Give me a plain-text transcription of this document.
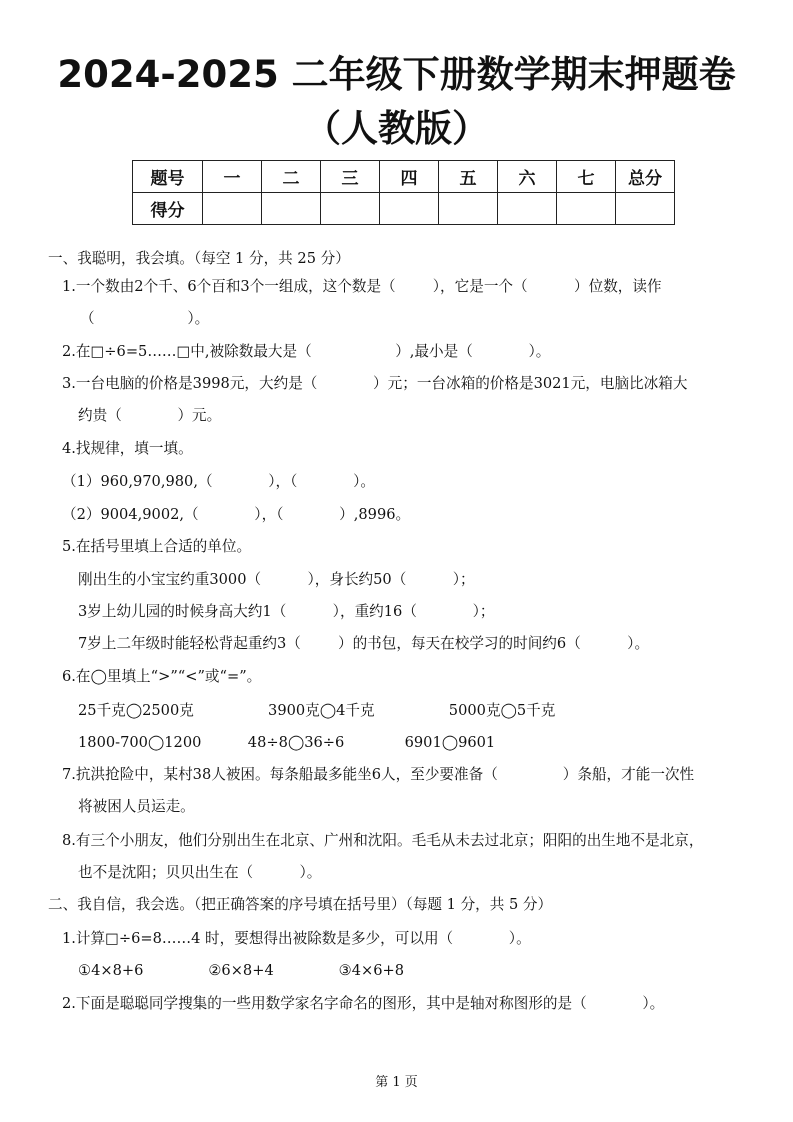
2024-2025 二年级下册数学期末押题卷
（人教版）
题号	一	二	三	四	五	六	七	总分
得分								
一、我聪明，我会填。（每空 1 分，共 25 分）
1.一个数由2个千、6个百和3个一组成，这个数是（        ），它是一个（          ）位数，读作
（                    ）。
2.在□÷6=5……□中,被除数最大是（                  ）,最小是（            ）。
3.一台电脑的价格是3998元，大约是（            ）元；一台冰箱的价格是3021元，电脑比冰箱大
约贵（            ）元。
4.找规律，填一填。
（1）960,970,980,（            ），（            ）。
（2）9004,9002,（            ），（            ）,8996。
5.在括号里填上合适的单位。
刚出生的小宝宝约重3000（          ），身长约50（          ）；
3岁上幼儿园的时候身高大约1（          ），重约16（            ）；
7岁上二年级时能轻松背起重约3（        ）的书包，每天在校学习的时间约6（          ）。
6.在◯里填上“>”“<”或“=”。
25千克◯2500克                3900克◯4千克                5000克◯5千克
1800-700◯1200          48÷8◯36÷6             6901◯9601
7.抗洪抢险中，某村38人被困。每条船最多能坐6人，至少要准备（              ）条船，才能一次性
将被困人员运走。
8.有三个小朋友，他们分别出生在北京、广州和沈阳。毛毛从未去过北京；阳阳的出生地不是北京，
也不是沈阳；贝贝出生在（          ）。
二、我自信，我会选。（把正确答案的序号填在括号里）（每题 1 分，共 5 分）
1.计算□÷6=8……4 时，要想得出被除数是多少，可以用（            ）。
①4×8+6              ②6×8+4              ③4×6+8
2.下面是聪聪同学搜集的一些用数学家名字命名的图形，其中是轴对称图形的是（            ）。
第 1 页
